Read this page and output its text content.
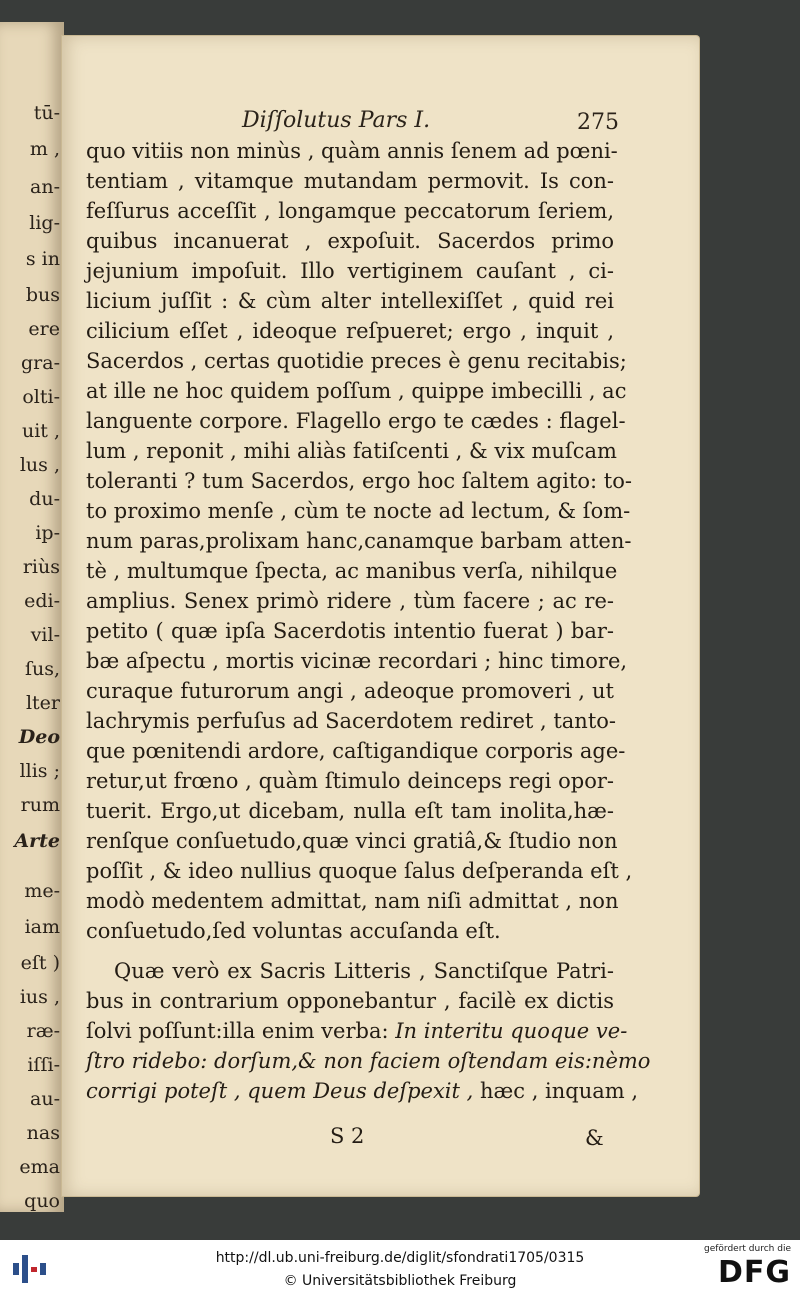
tū-
m ,
an-
lig-
s in
bus
ere
gra-
olti-
uit ,
lus ,
du-
ip-
riùs
edi-
vil-
ſus,
lter
Deo
llis ;
rum
Arte
me-
iam
eſt )
ius ,
ræ-
iſſi-
au-
nas
ema
quo
Diſſolutus Pars I.	275
quo vitiis non minùs , quàm annis ſenem ad pœni-
tentiam , vitamque mutandam permovit. Is con-
feſſurus acceſſit , longamque peccatorum ſeriem,
quibus incanuerat , expoſuit. Sacerdos primo
jejunium impoſuit. Illo vertiginem cauſant , ci-
licium juſſit : & cùm alter intellexiſſet , quid rei
cilicium eſſet , ideoque reſpueret; ergo , inquit ,
Sacerdos , certas quotidie preces è genu recitabis;
at ille ne hoc quidem poſſum , quippe imbecilli , ac
languente corpore. Flagello ergo te cædes : flagel-
lum , reponit , mihi aliàs fatiſcenti , & vix muſcam
toleranti ? tum Sacerdos, ergo hoc ſaltem agito: to-
to proximo menſe , cùm te nocte ad lectum, & ſom-
num paras,prolixam hanc,canamque barbam atten-
tè , multumque ſpecta, ac manibus verſa, nihilque
amplius. Senex primò ridere , tùm facere ; ac re-
petito ( quæ ipſa Sacerdotis intentio fuerat ) bar-
bæ aſpectu , mortis vicinæ recordari ; hinc timore,
curaque futurorum angi , adeoque promoveri , ut
lachrymis perfuſus ad Sacerdotem rediret , tanto-
que pœnitendi ardore, caſtigandique corporis age-
retur,ut frœno , quàm ſtimulo deinceps regi opor-
tuerit. Ergo,ut dicebam, nulla eſt tam inolita,hæ-
renſque conſuetudo,quæ vinci gratiâ,& ſtudio non
poſſit , & ideo nullius quoque ſalus deſperanda eſt ,
modò medentem admittat, nam niſi admittat , non
conſuetudo,ſed voluntas accuſanda eſt.
Quæ verò ex Sacris Litteris , Sanctiſque Patri-
bus in contrarium opponebantur , facilè ex dictis
ſolvi poſſunt:illa enim verba: In interitu quoque ve-
ſtro ridebo: dorſum,& non faciem oſtendam eis:nèmo
corrigi poteſt , quem Deus deſpexit , hæc , inquam ,
S 2	&
http://dl.ub.uni-freiburg.de/diglit/sfondrati1705/0315
© Universitätsbibliothek Freiburg
gefördert durch die
DFG
